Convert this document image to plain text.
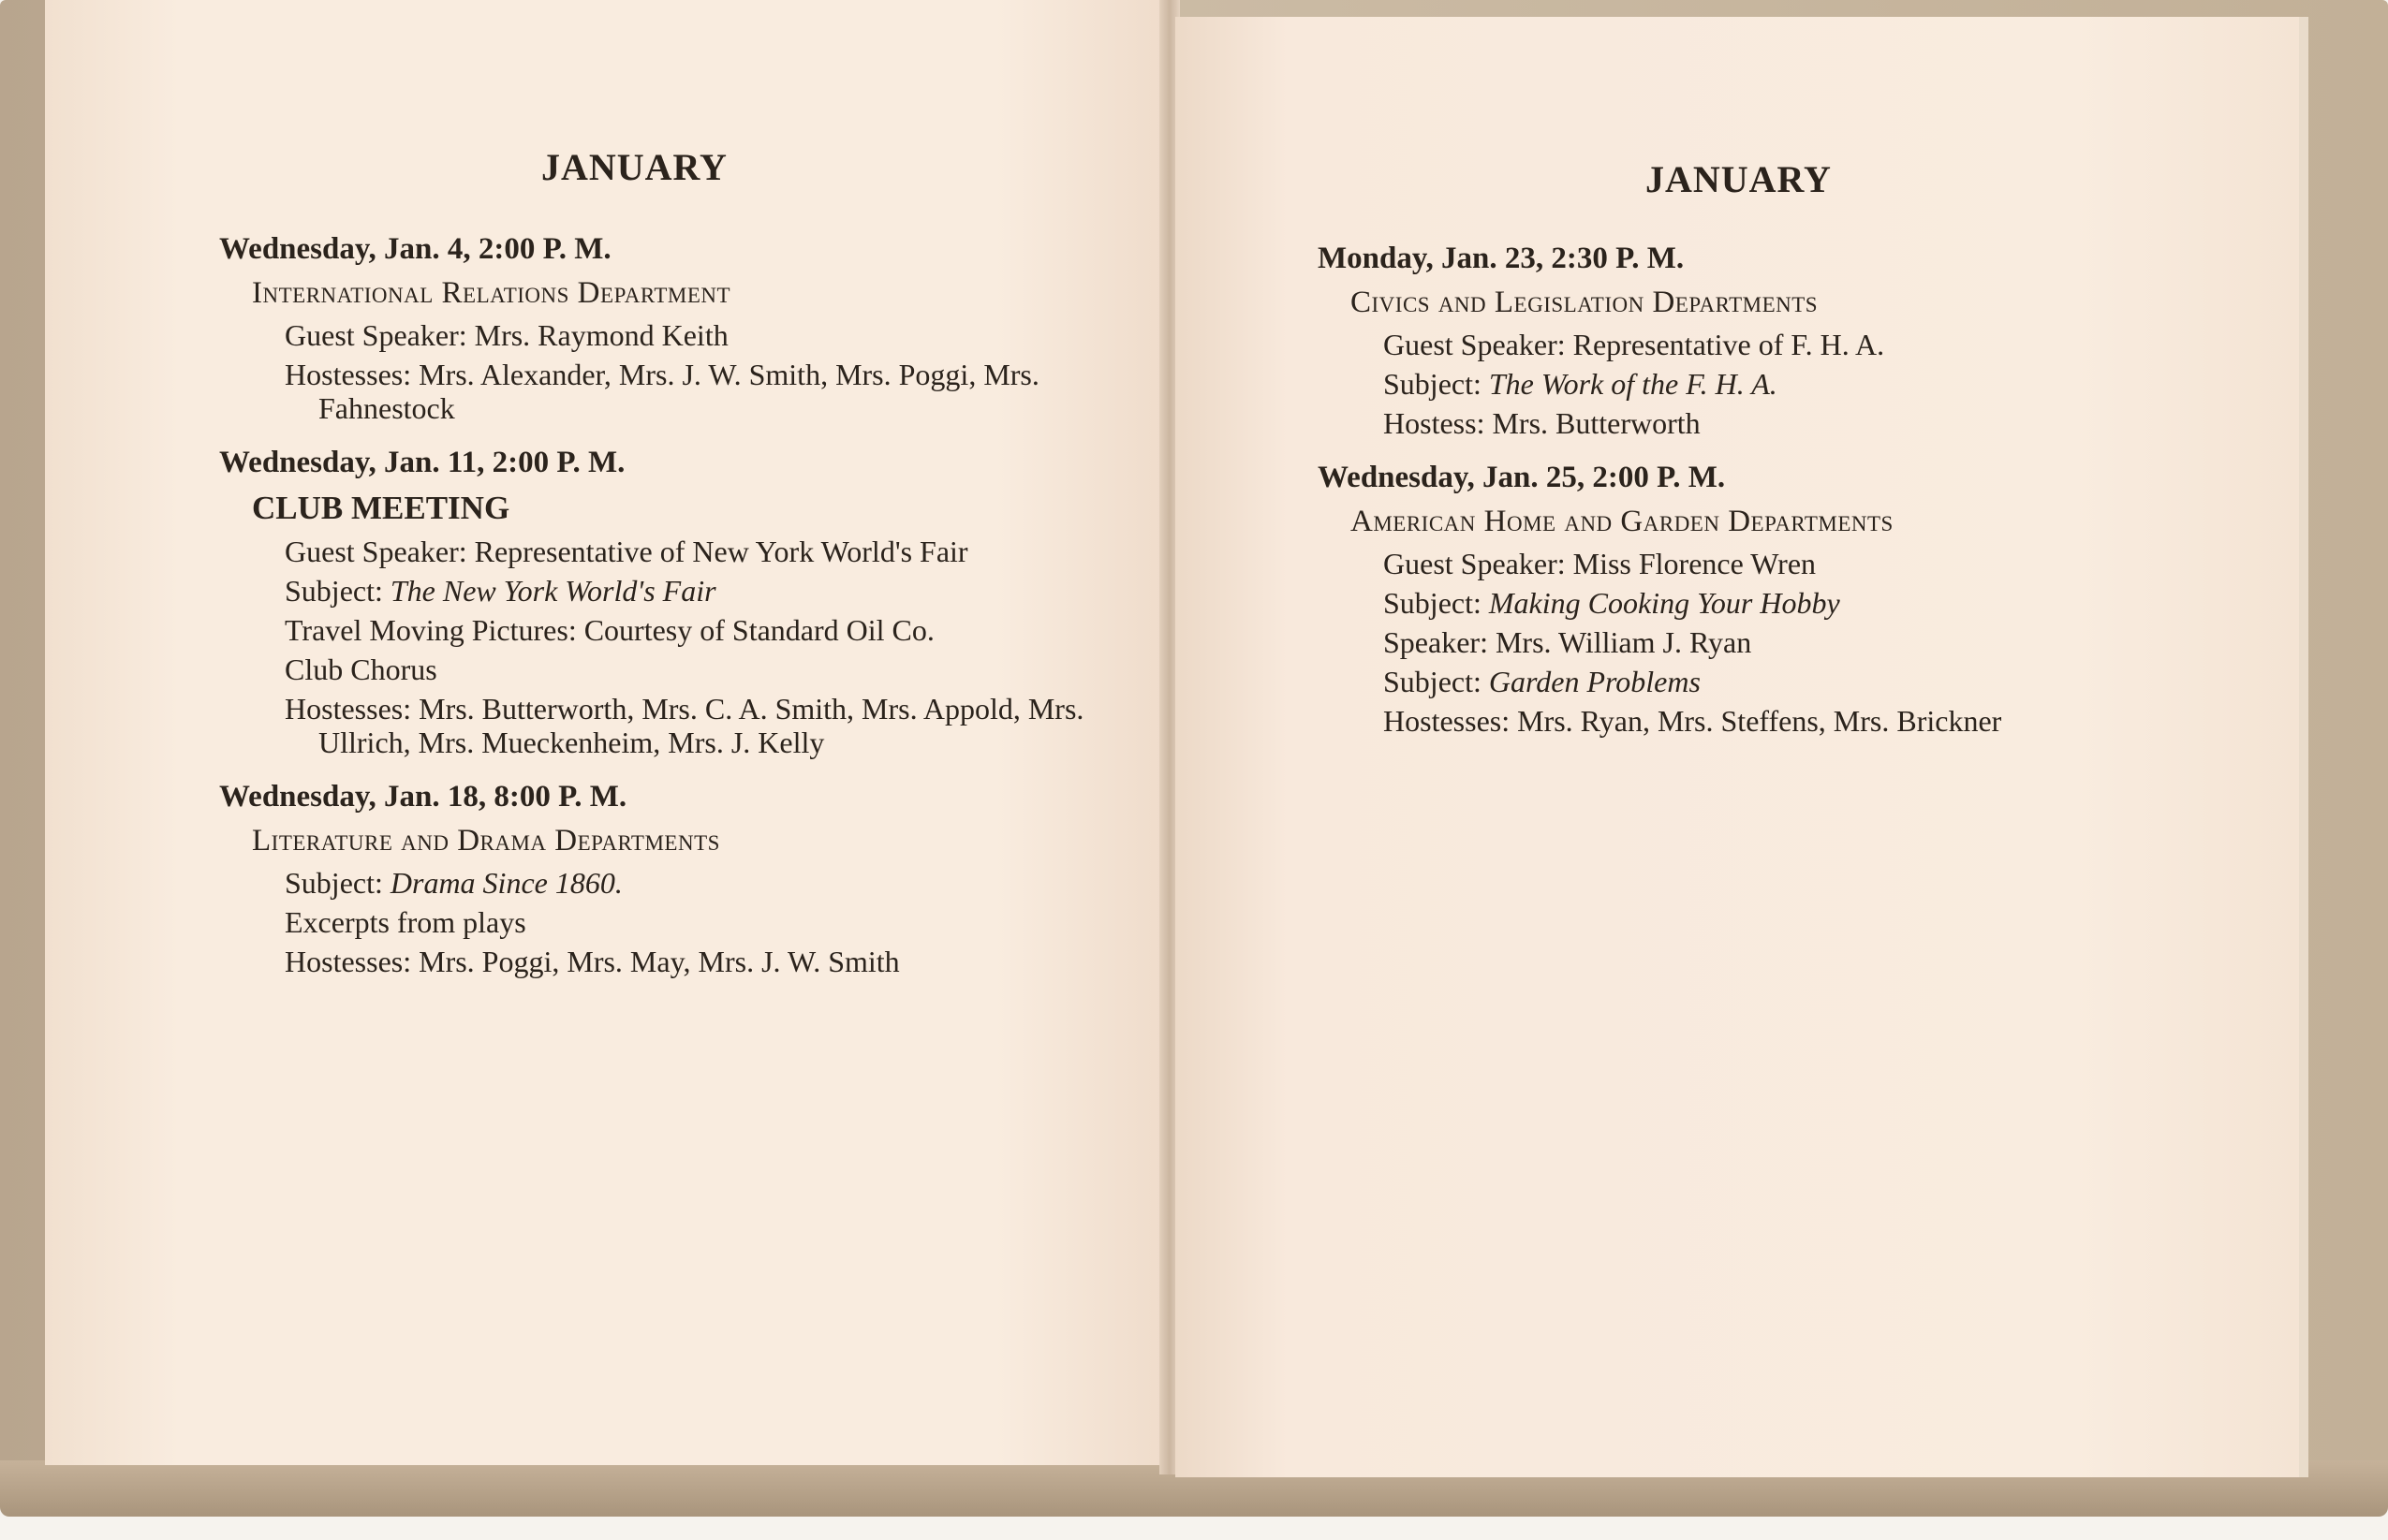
JANUARY

Wednesday, Jan. 4, 2:00 P. M.

International Relations Department

Guest Speaker: Mrs. Raymond Keith

Hostesses: Mrs. Alexander, Mrs. J. W. Smith, Mrs. Poggi, Mrs. Fahnestock

Wednesday, Jan. 11, 2:00 P. M.

CLUB MEETING

Guest Speaker: Representative of New York World's Fair

Subject: The New York World's Fair

Travel Moving Pictures: Courtesy of Standard Oil Co.

Club Chorus

Hostesses: Mrs. Butterworth, Mrs. C. A. Smith, Mrs. Appold, Mrs. Ullrich, Mrs. Mueckenheim, Mrs. J. Kelly

Wednesday, Jan. 18, 8:00 P. M.

Literature and Drama Departments

Subject: Drama Since 1860.

Excerpts from plays

Hostesses: Mrs. Poggi, Mrs. May, Mrs. J. W. Smith

JANUARY

Monday, Jan. 23, 2:30 P. M.

Civics and Legislation Departments

Guest Speaker: Representative of F. H. A.

Subject: The Work of the F. H. A.

Hostess: Mrs. Butterworth

Wednesday, Jan. 25, 2:00 P. M.

American Home and Garden Departments

Guest Speaker: Miss Florence Wren

Subject: Making Cooking Your Hobby

Speaker: Mrs. William J. Ryan

Subject: Garden Problems

Hostesses: Mrs. Ryan, Mrs. Steffens, Mrs. Brickner
